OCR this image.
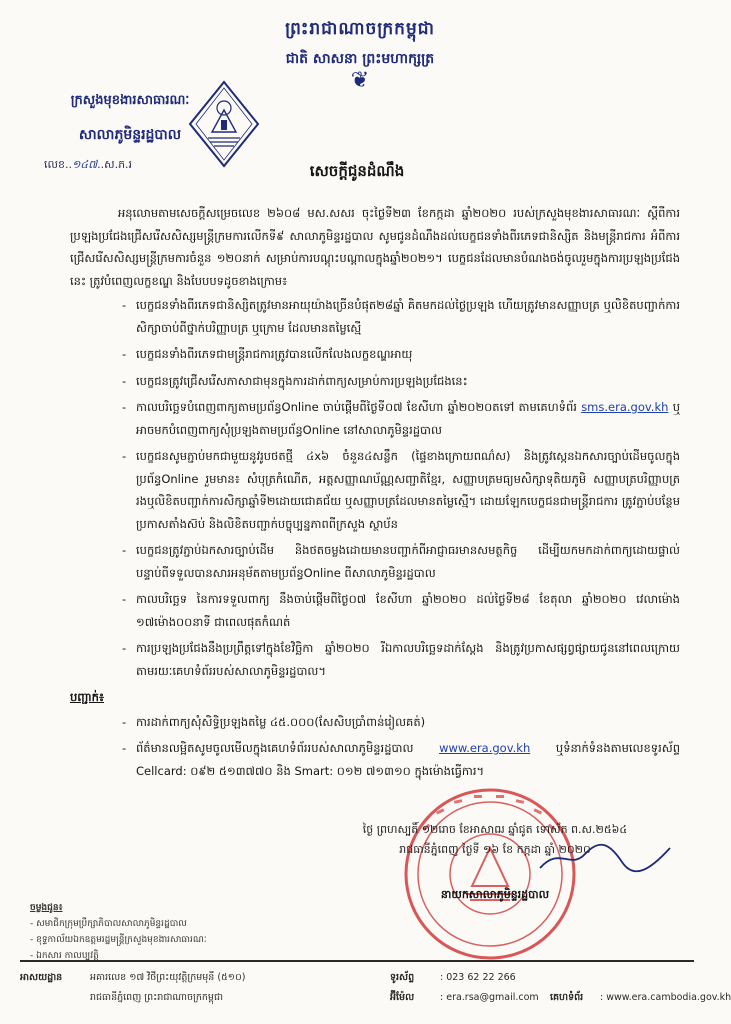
ព្រះរាជាណាចក្រកម្ពុជា
ជាតិ សាសនា ព្រះមហាក្សត្រ
❦
ក្រសួងមុខងារសាធារណៈ
សាលាភូមិន្ទរដ្ឋបាល
លេខ..១៤៧..ស.ភ.រ	សេចក្តីជូនដំណឹង

អនុលោមតាមសេចក្តីសម្រេចលេខ ២៦០៨ មស.សសរ ចុះថ្ងៃទី២៣ ខែកក្កដា ឆ្នាំ២០២០ របស់ក្រសួងមុខងារសាធារណៈ ស្តីពីការប្រឡងប្រជែងជ្រើសរើសសិស្សមន្ត្រីក្រមការលើកទី៩ សាលាភូមិន្ទរដ្ឋបាល សូមជូនដំណឹងដល់បេក្ខជនទាំងពីរភេទជានិស្សិត និងមន្ត្រីរាជការ អំពីការជ្រើសរើសសិស្សមន្ត្រីក្រមការចំនួន ១២០នាក់ សម្រាប់ការបណ្តុះបណ្តាលក្នុងឆ្នាំ២០២១។ បេក្ខជនដែលមានបំណងចង់ចូលរួមក្នុងការប្រឡងប្រជែងនេះ ត្រូវបំពេញលក្ខខណ្ឌ និងបែបបទដូចខាងក្រោម៖

- បេក្ខជនទាំងពីរភេទជានិស្សិតត្រូវមានអាយុយ៉ាងច្រើនបំផុត២៨ឆ្នាំ គិតមកដល់ថ្ងៃប្រឡង ហើយត្រូវមានសញ្ញាបត្រ ឬលិខិតបញ្ជាក់ការសិក្សាចាប់ពីថ្នាក់បរិញ្ញាបត្រ ឬក្រោម ដែលមានតម្លៃស្មើ
- បេក្ខជនទាំងពីរភេទជាមន្ត្រីរាជការត្រូវបានលើកលែងលក្ខខណ្ឌអាយុ
- បេក្ខជនត្រូវជ្រើសរើសភាសាជាមុនក្នុងការដាក់ពាក្យសម្រាប់ការប្រឡងប្រជែងនេះ
- កាលបរិច្ឆេទបំពេញពាក្យតាមប្រព័ន្ធOnline ចាប់ផ្តើមពីថ្ងៃទី០៧ ខែសីហា ឆ្នាំ២០២០តទៅ តាមគេហទំព័រ sms.era.gov.kh ឬអាចមកបំពេញពាក្យសុំប្រឡងតាមប្រព័ន្ធOnline នៅសាលាភូមិន្ទរដ្ឋបាល
- បេក្ខជនសូមភ្ជាប់មកជាមួយនូវរូបថតថ្មី ៤x៦ ចំនួន៤សន្លឹក (ផ្ទៃខាងក្រោយពណ៌ស) និងត្រូវស្កេនឯកសារច្បាប់ដើមចូលក្នុងប្រព័ន្ធOnline រួមមាន៖ សំបុត្រកំណើត, អត្តសញ្ញាណប័ណ្ណសញ្ជាតិខ្មែរ, សញ្ញាបត្រមធ្យមសិក្សាទុតិយភូមិ សញ្ញាបត្របរិញ្ញាបត្ររងឬលិខិតបញ្ជាក់ការសិក្សាឆ្នាំទី២ដោយជោគជ័យ ឬសញ្ញាបត្រដែលមានតម្លៃស្មើ។ ដោយឡែកបេក្ខជនជាមន្ត្រីរាជការ ត្រូវភ្ជាប់បន្ថែមប្រកាសតាំងស៊ប់ និងលិខិតបញ្ជាក់បច្ចុប្បន្នភាពពីក្រសួង ស្ថាប័ន
- បេក្ខជនត្រូវភ្ជាប់ឯកសារច្បាប់ដើម និងថតចម្លងដោយមានបញ្ជាក់ពីអាជ្ញាធរមានសមត្ថកិច្ច ដើម្បីយកមកដាក់ពាក្យដោយផ្ទាល់ បន្ទាប់ពីទទួលបានសារអនុម័តតាមប្រព័ន្ធOnline ពីសាលាភូមិន្ទរដ្ឋបាល
- កាលបរិច្ឆេទ នៃការទទួលពាក្យ នឹងចាប់ផ្តើមពីថ្ងៃ០៧ ខែសីហា ឆ្នាំ២០២០ ដល់ថ្ងៃទី២៨ ខែតុលា ឆ្នាំ២០២០ វេលាម៉ោង ១៧ម៉ោង០០នាទី ជាពេលផុតកំណត់
- ការប្រឡងប្រជែងនឹងប្រព្រឹត្តទៅក្នុងខែវិច្ឆិកា ឆ្នាំ២០២០ រីឯកាលបរិច្ឆេទដាក់ស្តែង និងត្រូវប្រកាសផ្សព្វផ្សាយជូននៅពេលក្រោយតាមរយៈគេហទំព័ររបស់សាលាភូមិន្ទរដ្ឋបាល។

បញ្ជាក់៖

- ការដាក់ពាក្យសុំសិទ្ធិប្រឡងតម្លៃ ៤៥.០០០(សែសិបប្រាំពាន់រៀលគត់)
- ព័ត៌មានលម្អិតសូមចូលមើលក្នុងគេហទំព័ររបស់សាលាភូមិន្ទរដ្ឋបាល www.era.gov.kh ឬទំនាក់ទំនងតាមលេខទូរស័ព្ទ Cellcard: ០៩២ ៥១៣៧៧០ និង Smart: ០១២ ៧១៣១០ ក្នុងម៉ោងធ្វើការ។
ថ្ងៃ ព្រហស្បតិ៍ ១២រោច ខែអាសាឍ ឆ្នាំជូត ទោស័ក ព.ស.២៥៦៤
រាជធានីភ្នំពេញ ថ្ងៃទី ១៦ ខែ កក្កដា ឆ្នាំ ២០២០
នាយកសាលាភូមិន្ទរដ្ឋបាល
ចម្លងជូន៖
- សមាជិកក្រុមប្រឹក្សាភិបាលសាលាភូមិន្ទរដ្ឋបាល
- ខុទ្ទកាល័យឯកឧត្តមរដ្ឋមន្ត្រីក្រសួងមុខងារសាធារណៈ
- ឯកសារ កាលប្បវត្តិ
អាសយដ្ឋាន	អគារលេខ ១៧ វិថីព្រះយុវត្តិក្រមមុនី (៥១០)	ទូរស័ព្ទ	: 023 62 22 266
រាជធានីភ្នំពេញ ព្រះរាជាណាចក្រកម្ពុជា	អ៊ីម៉ែល	: era.rsa@gmail.com គេហទំព័រ : www.era.cambodia.gov.kh
